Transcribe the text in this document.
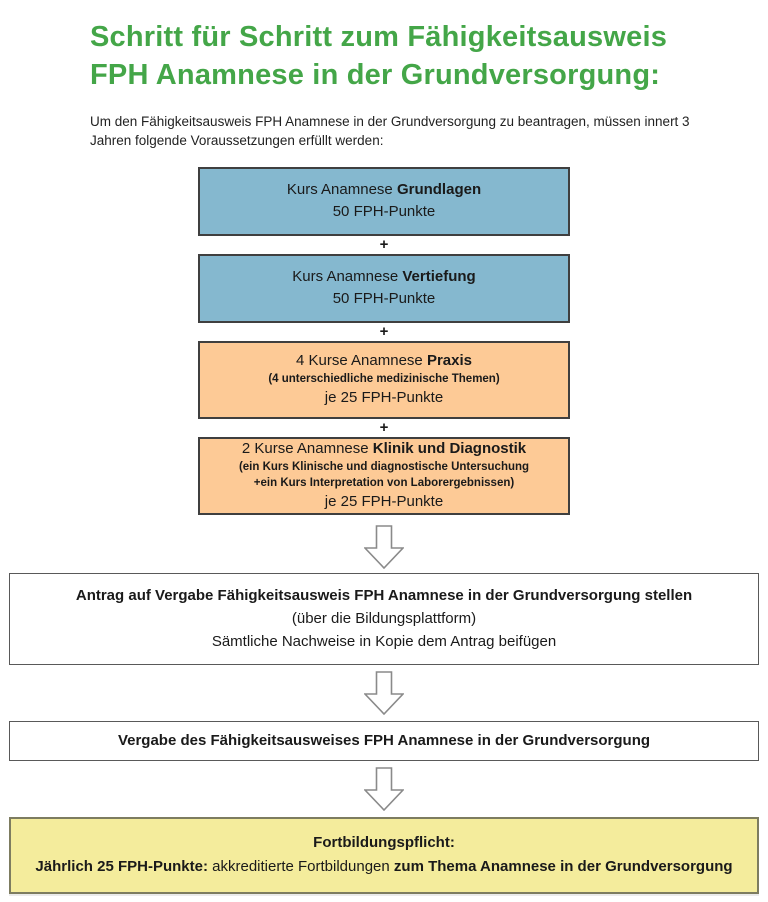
Schritt für Schritt zum Fähigkeitsausweis FPH Anamnese in der Grundversorgung:

Um den Fähigkeitsausweis FPH Anamnese in der Grundversorgung zu beantragen, müssen innert 3 Jahren folgende Voraussetzungen erfüllt werden:

Kurs Anamnese Grundlagen
50 FPH-Punkte
+
Kurs Anamnese Vertiefung
50 FPH-Punkte
+
4 Kurse Anamnese Praxis
(4 unterschiedliche medizinische Themen)
je 25 FPH-Punkte
+
2 Kurse Anamnese Klinik und Diagnostik
(ein Kurs Klinische und diagnostische Untersuchung
+ein Kurs Interpretation von Laborergebnissen)
je 25 FPH-Punkte
Antrag auf Vergabe Fähigkeitsausweis FPH Anamnese in der Grundversorgung stellen
(über die Bildungsplattform)
Sämtliche Nachweise in Kopie dem Antrag beifügen
Vergabe des Fähigkeitsausweises FPH Anamnese in der Grundversorgung
Fortbildungspflicht:
Jährlich 25 FPH-Punkte: akkreditierte Fortbildungen zum Thema Anamnese in der Grundversorgung
